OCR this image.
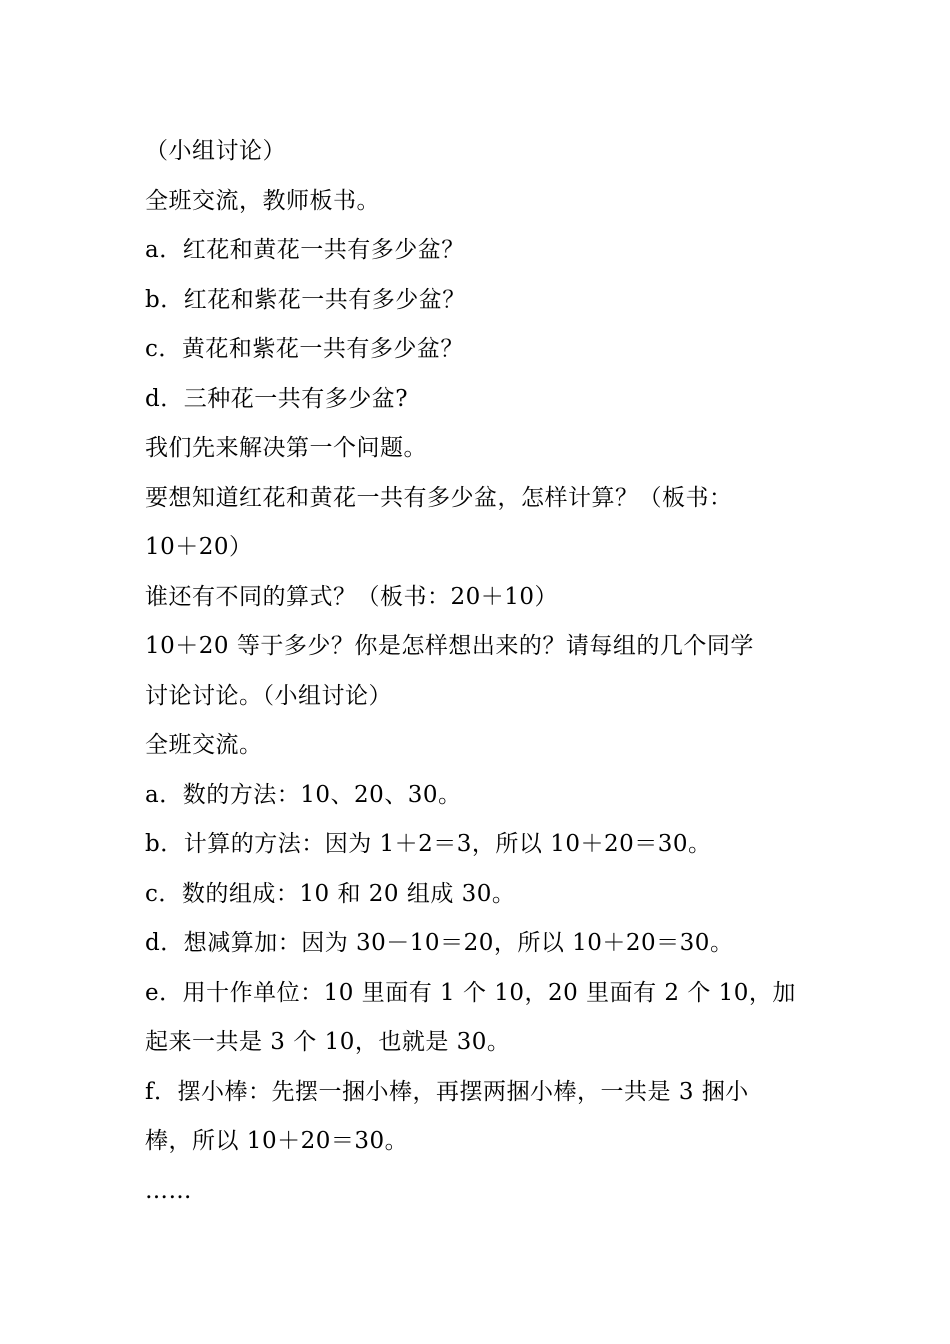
（小组讨论）
全班交流，教师板书。
a．红花和黄花一共有多少盆？
b．红花和紫花一共有多少盆？
c．黄花和紫花一共有多少盆？
d．三种花一共有多少盆?
我们先来解决第一个问题。
要想知道红花和黄花一共有多少盆，怎样计算？（板书：
10＋20）
谁还有不同的算式？（板书：20＋10）
10＋20 等于多少？你是怎样想出来的？请每组的几个同学
讨论讨论。（小组讨论）
全班交流。
a．数的方法：10、20、30。
b．计算的方法：因为 1＋2＝3，所以 10＋20＝30。
c．数的组成：10 和 20 组成 30。
d．想减算加：因为 30－10＝20，所以 10＋20＝30。
e．用十作单位：10 里面有 1 个 10，20 里面有 2 个 10，加
起来一共是 3 个 10，也就是 30。
f．摆小棒：先摆一捆小棒，再摆两捆小棒，一共是 3 捆小
棒，所以 10＋20＝30。
……
